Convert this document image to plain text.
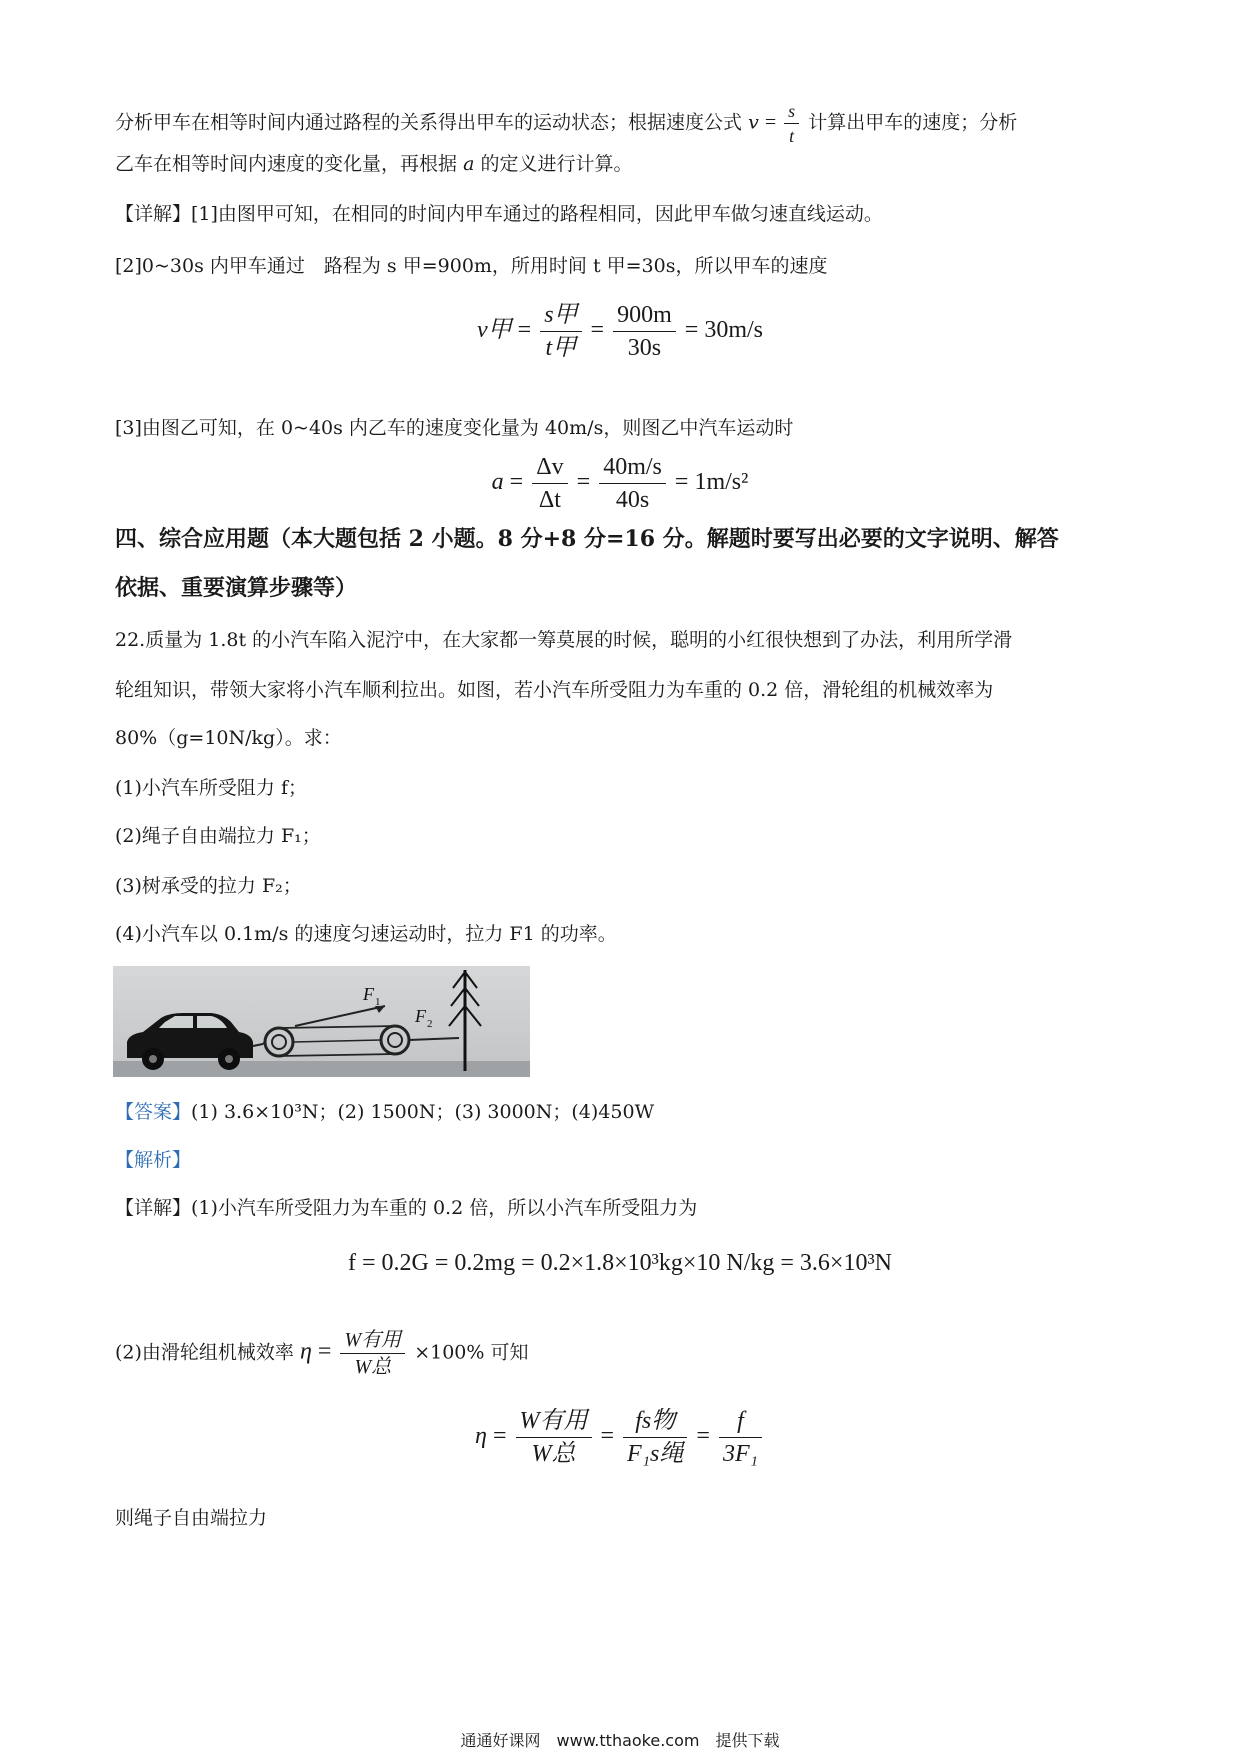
分析甲车在相等时间内通过路程的关系得出甲车的运动状态；根据速度公式 $v = \frac{s}{t}$ 计算出甲车的速度；分析
乙车在相等时间内速度的变化量，再根据 a 的定义进行计算。
【详解】[1]由图甲可知，在相同的时间内甲车通过的路程相同，因此甲车做匀速直线运动。
[2]0~30s 内甲车通过　路程为 s 甲=900m，所用时间 t 甲=30s，所以甲车的速度
v甲 = $\frac{\text{s甲}}{\text{t甲}} = \frac{900m}{30s} = 30m/s$
[3]由图乙可知，在 0~40s 内乙车的速度变化量为 40m/s，则图乙中汽车运动时
$a = \frac{\Delta v}{\Delta t} = \frac{40m/s}{40s} = 1m/s^2$
四、综合应用题（本大题包括 2 小题。8 分+8 分=16 分。解题时要写出必要的文字说明、解答
依据、重要演算步骤等）
22.质量为 1.8t 的小汽车陷入泥泞中，在大家都一筹莫展的时候，聪明的小红很快想到了办法，利用所学滑
轮组知识，带领大家将小汽车顺利拉出。如图，若小汽车所受阻力为车重的 0.2 倍，滑轮组的机械效率为
80%（g=10N/kg）。求：
(1)小汽车所受阻力 f；
(2)绳子自由端拉力 F₁；
(3)树承受的拉力 F₂；
(4)小汽车以 0.1m/s 的速度匀速运动时，拉力 F1 的功率。
F 1
F 2
【答案】(1) 3.6×10³N；(2) 1500N；(3) 3000N；(4)450W
【解析】
【详解】(1)小汽车所受阻力为车重的 0.2 倍，所以小汽车所受阻力为
f = 0.2G = 0.2mg = 0.2×1.8×10³kg×10 N/kg = 3.6×10³N
(2)由滑轮组机械效率 $\eta = \frac{\text{W有用}}{\text{W总}} \times 100\%$ 可知
$\eta = \frac{\text{W有用}}{\text{W总}} = \frac{\text{fs物}}{\text{F₁s绳}} = \frac{f}{\text{3F₁}}$
则绳子自由端拉力
通通好课网　www.tthaoke.com　提供下载
